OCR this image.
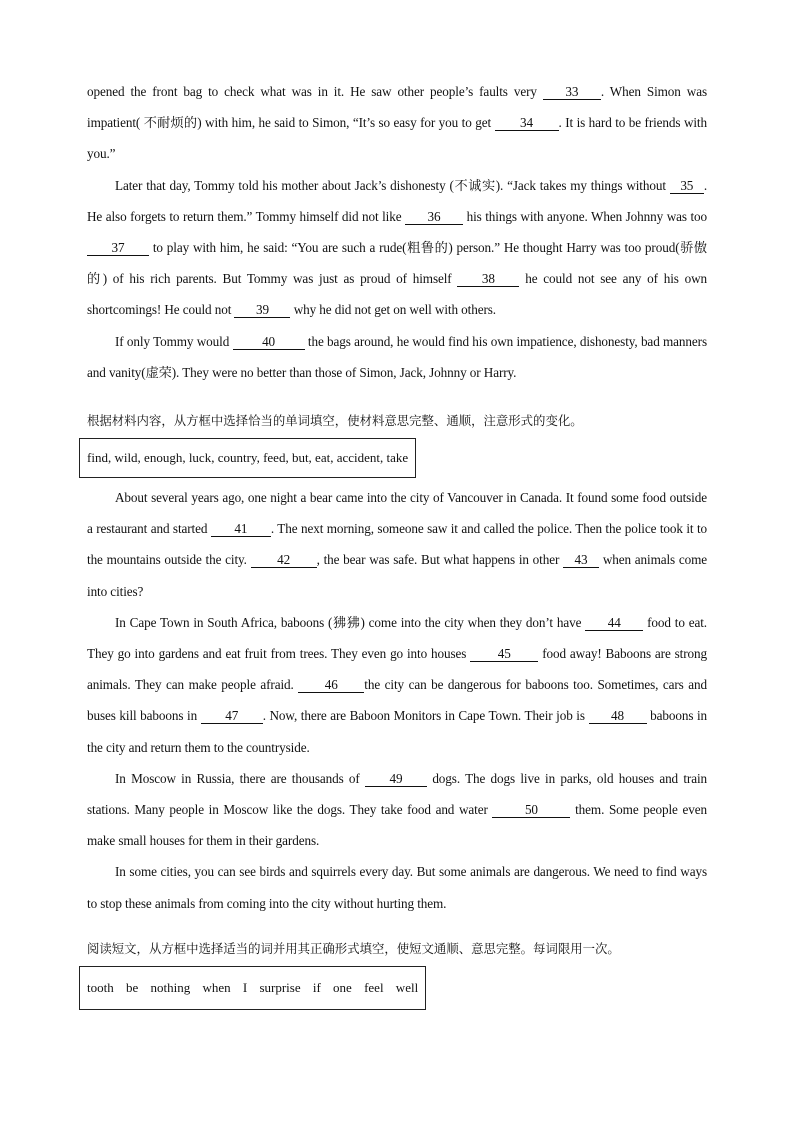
opened the front bag to check what was in it. He saw other people’s faults very 33 . When Simon was impatient( 不耐烦的) with him, he said to Simon, “It’s so easy for you to get 34 . It is hard to be friends with you.”

Later that day, Tommy told his mother about Jack’s dishonesty (不诚实). “Jack takes my things without 35 . He also forgets to return them.” Tommy himself did not like 36 his things with anyone. When Johnny was too 37 to play with him, he said: “You are such a rude(粗鲁的) person.” He thought Harry was too proud(骄傲的) of his rich parents. But Tommy was just as proud of himself 38 he could not see any of his own shortcomings! He could not 39 why he did not get on well with others.

If only Tommy would 40 the bags around, he would find his own impatience, dishonesty, bad manners and vanity(虚荣). They were no better than those of Simon, Jack, Johnny or Harry.

根据材料内容，从方框中选择恰当的单词填空，使材料意思完整、通顺，注意形式的变化。

find, wild, enough, luck, country, feed, but, eat, accident, take

About several years ago, one night a bear came into the city of Vancouver in Canada. It found some food outside a restaurant and started 41 . The next morning, someone saw it and called the police. Then the police took it to the mountains outside the city. 42 , the bear was safe. But what happens in other 43 when animals come into cities?

In Cape Town in South Africa, baboons (狒狒) come into the city when they don’t have 44 food to eat. They go into gardens and eat fruit from trees. They even go into houses 45 food away! Baboons are strong animals. They can make people afraid. 46 the city can be dangerous for baboons too. Sometimes, cars and buses kill baboons in 47 . Now, there are Baboon Monitors in Cape Town. Their job is 48 baboons in the city and return them to the countryside.

In Moscow in Russia, there are thousands of 49 dogs. The dogs live in parks, old houses and train stations. Many people in Moscow like the dogs. They take food and water	50	them. Some people even make small houses for them in their gardens.

In some cities, you can see birds and squirrels every day. But some animals are dangerous. We need to find ways to stop these animals from coming into the city without hurting them.

阅读短文，从方框中选择适当的词并用其正确形式填空，使短文通顺、意思完整。每词限用一次。

tooth be nothing when I surprise if one feel well
